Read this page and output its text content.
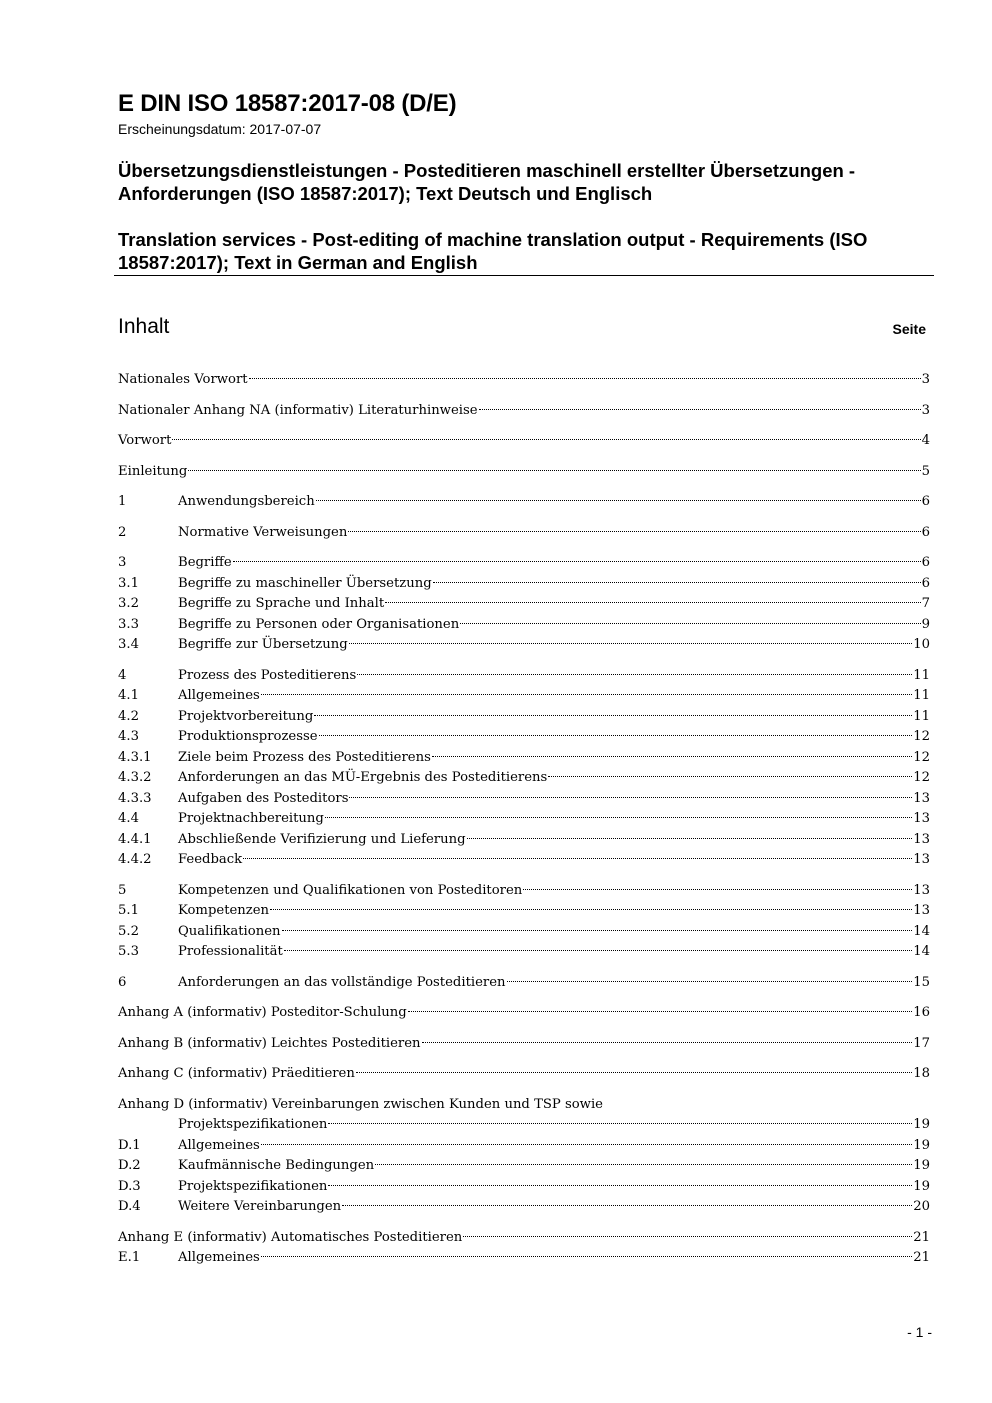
E DIN ISO 18587:2017-08 (D/E)
Erscheinungsdatum: 2017-07-07
Übersetzungsdienstleistungen - Posteditieren maschinell erstellter Übersetzungen - Anforderungen (ISO 18587:2017); Text Deutsch und Englisch
Translation services - Post-editing of machine translation output - Requirements (ISO 18587:2017); Text in German and English
Inhalt	Seite
Nationales Vorwort	3
Nationaler Anhang NA (informativ) Literaturhinweise	3
Vorwort	4
Einleitung	5
1	Anwendungsbereich	6
2	Normative Verweisungen	6
3	Begriffe	6
3.1	Begriffe zu maschineller Übersetzung	6
3.2	Begriffe zu Sprache und Inhalt	7
3.3	Begriffe zu Personen oder Organisationen	9
3.4	Begriffe zur Übersetzung	10
4	Prozess des Posteditierens	11
4.1	Allgemeines	11
4.2	Projektvorbereitung	11
4.3	Produktionsprozesse	12
4.3.1	Ziele beim Prozess des Posteditierens	12
4.3.2	Anforderungen an das MÜ-Ergebnis des Posteditierens	12
4.3.3	Aufgaben des Posteditors	13
4.4	Projektnachbereitung	13
4.4.1	Abschließende Verifizierung und Lieferung	13
4.4.2	Feedback	13
5	Kompetenzen und Qualifikationen von Posteditoren	13
5.1	Kompetenzen	13
5.2	Qualifikationen	14
5.3	Professionalität	14
6	Anforderungen an das vollständige Posteditieren	15
Anhang A (informativ) Posteditor-Schulung	16
Anhang B (informativ) Leichtes Posteditieren	17
Anhang C (informativ) Präeditieren	18
Anhang D (informativ) Vereinbarungen zwischen Kunden und TSP sowie
Projektspezifikationen	19
D.1	Allgemeines	19
D.2	Kaufmännische Bedingungen	19
D.3	Projektspezifikationen	19
D.4	Weitere Vereinbarungen	20
Anhang E (informativ) Automatisches Posteditieren	21
E.1	Allgemeines	21
- 1 -
